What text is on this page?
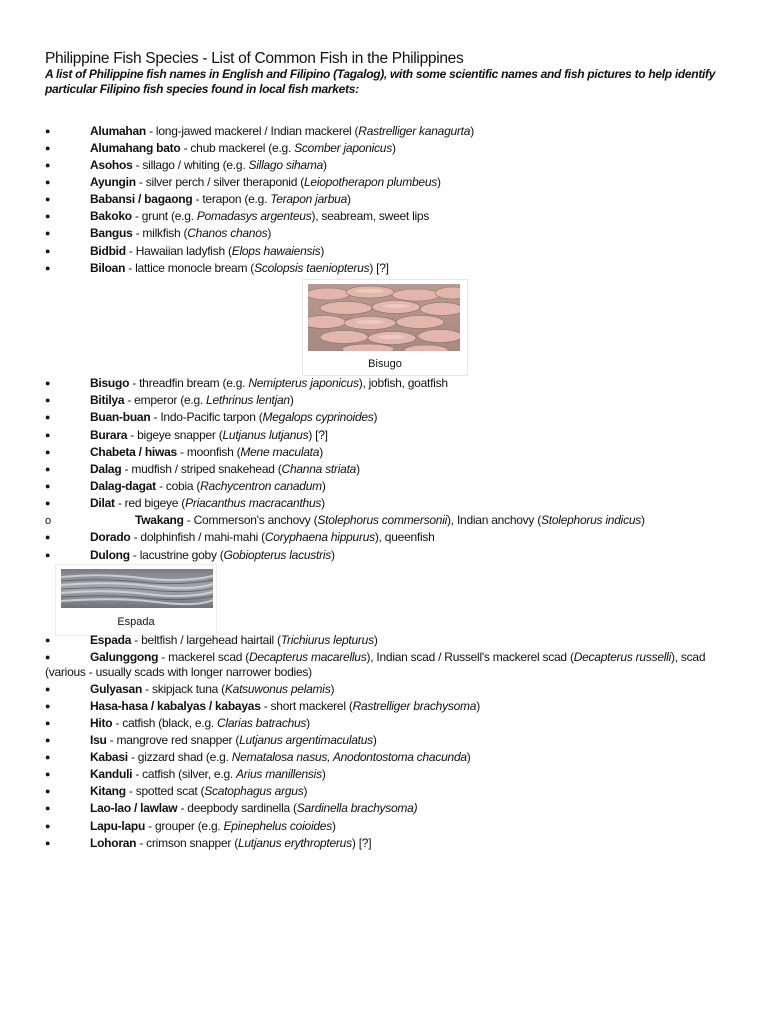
Philippine Fish Species - List of Common Fish in the Philippines
A list of Philippine fish names in English and Filipino (Tagalog), with some scientific names and fish pictures to help identify particular Filipino fish species found in local fish markets:
●	Alumahan - long-jawed mackerel / Indian mackerel (Rastrelliger kanagurta)
●	Alumahang bato - chub mackerel (e.g. Scomber japonicus)
●	Asohos - sillago / whiting (e.g. Sillago sihama)
●	Ayungin - silver perch / silver theraponid (Leiopotherapon plumbeus)
●	Babansi / bagaong - terapon (e.g. Terapon jarbua)
●	Bakoko - grunt (e.g. Pomadasys argenteus), seabream, sweet lips
●	Bangus - milkfish (Chanos chanos)
●	Bidbid - Hawaiian ladyfish (Elops hawaiensis)
●	Biloan - lattice monocle bream (Scolopsis taeniopterus) [?]
Bisugo
●	Bisugo - threadfin bream (e.g. Nemipterus japonicus), jobfish, goatfish
●	Bitilya - emperor (e.g. Lethrinus lentjan)
●	Buan-buan - Indo-Pacific tarpon (Megalops cyprinoides)
●	Burara - bigeye snapper (Lutjanus lutjanus) [?]
●	Chabeta / hiwas - moonfish (Mene maculata)
●	Dalag - mudfish / striped snakehead (Channa striata)
●	Dalag-dagat - cobia (Rachycentron canadum)
●	Dilat - red bigeye (Priacanthus macracanthus)
o	Twakang - Commerson's anchovy (Stolephorus commersonii), Indian anchovy (Stolephorus indicus)
●	Dorado - dolphinfish / mahi-mahi (Coryphaena hippurus), queenfish
●	Dulong - lacustrine goby (Gobiopterus lacustris)
Espada
●	Espada - beltfish / largehead hairtail (Trichiurus lepturus)
●	Galunggong - mackerel scad (Decapterus macarellus), Indian scad / Russell's mackerel scad (Decapterus russelli), scad (various - usually scads with longer narrower bodies)
●	Gulyasan - skipjack tuna (Katsuwonus pelamis)
●	Hasa-hasa / kabalyas / kabayas - short mackerel (Rastrelliger brachysoma)
●	Hito - catfish (black, e.g. Clarias batrachus)
●	Isu - mangrove red snapper (Lutjanus argentimaculatus)
●	Kabasi - gizzard shad (e.g. Nematalosa nasus, Anodontostoma chacunda)
●	Kanduli - catfish (silver, e.g. Arius manillensis)
●	Kitang - spotted scat (Scatophagus argus)
●	Lao-lao / lawlaw - deepbody sardinella (Sardinella brachysoma)
●	Lapu-lapu - grouper (e.g. Epinephelus coioides)
●	Lohoran - crimson snapper (Lutjanus erythropterus) [?]
